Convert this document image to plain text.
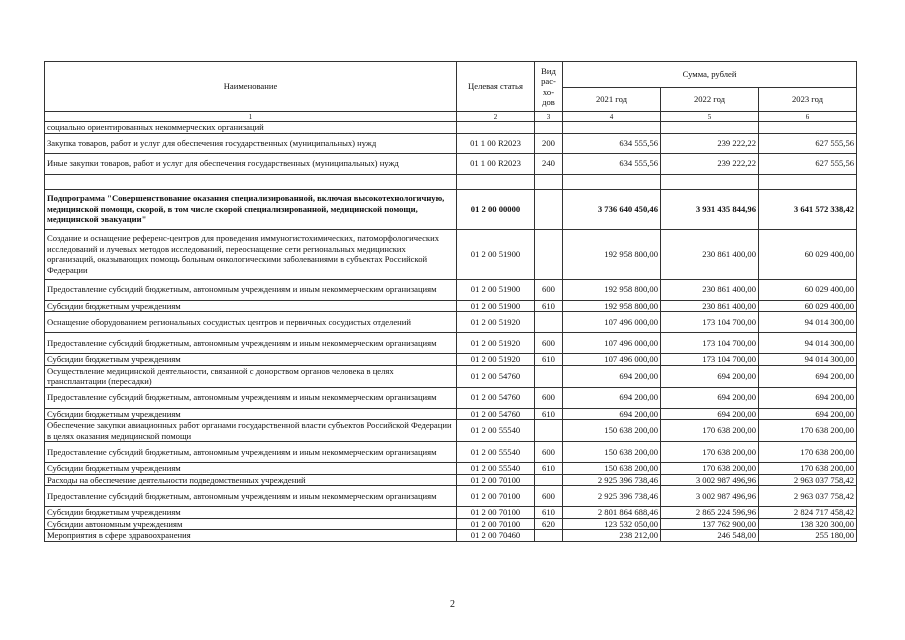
Наименование	Целевая статья	Вид рас-хо-дов	Сумма, рублей		
			2021 год	2022 год	2023 год
1	2	3	4	5	6
социально ориентированных некоммерческих организаций					
Закупка товаров, работ и услуг для обеспечения государственных (муниципальных) нужд	01 1 00 R2023	200	634 555,56	239 222,22	627 555,56
Иные закупки товаров, работ и услуг для обеспечения государственных (муниципальных) нужд	01 1 00 R2023	240	634 555,56	239 222,22	627 555,56

Подпрограмма "Совершенствование оказания специализированной, включая высокотехнологичную, медицинской помощи, скорой, в том числе скорой специализированной, медицинской помощи, медицинской эвакуации"	01 2 00 00000		3 736 640 450,46	3 931 435 844,96	3 641 572 338,42
Создание и оснащение референс-центров для проведения иммуногистохимических, патоморфологических исследований и лучевых методов исследований, переоснащение сети региональных медицинских организаций, оказывающих помощь больным онкологическими заболеваниями в субъектах Российской Федерации	01 2 00 51900		192 958 800,00	230 861 400,00	60 029 400,00
Предоставление субсидий бюджетным, автономным учреждениям и иным некоммерческим организациям	01 2 00 51900	600	192 958 800,00	230 861 400,00	60 029 400,00
Субсидии бюджетным учреждениям	01 2 00 51900	610	192 958 800,00	230 861 400,00	60 029 400,00
Оснащение оборудованием региональных сосудистых центров и первичных сосудистых отделений	01 2 00 51920		107 496 000,00	173 104 700,00	94 014 300,00
Предоставление субсидий бюджетным, автономным учреждениям и иным некоммерческим организациям	01 2 00 51920	600	107 496 000,00	173 104 700,00	94 014 300,00
Субсидии бюджетным учреждениям	01 2 00 51920	610	107 496 000,00	173 104 700,00	94 014 300,00
Осуществление медицинской деятельности, связанной с донорством органов человека в целях трансплантации (пересадки)	01 2 00 54760		694 200,00	694 200,00	694 200,00
Предоставление субсидий бюджетным, автономным учреждениям и иным некоммерческим организациям	01 2 00 54760	600	694 200,00	694 200,00	694 200,00
Субсидии бюджетным учреждениям	01 2 00 54760	610	694 200,00	694 200,00	694 200,00
Обеспечение закупки авиационных работ органами государственной власти субъектов Российской Федерации в целях оказания медицинской помощи	01 2 00 55540		150 638 200,00	170 638 200,00	170 638 200,00
Предоставление субсидий бюджетным, автономным учреждениям и иным некоммерческим организациям	01 2 00 55540	600	150 638 200,00	170 638 200,00	170 638 200,00
Субсидии бюджетным учреждениям	01 2 00 55540	610	150 638 200,00	170 638 200,00	170 638 200,00
Расходы на обеспечение деятельности подведомственных учреждений	01 2 00 70100		2 925 396 738,46	3 002 987 496,96	2 963 037 758,42
Предоставление субсидий бюджетным, автономным учреждениям и иным некоммерческим организациям	01 2 00 70100	600	2 925 396 738,46	3 002 987 496,96	2 963 037 758,42
Субсидии бюджетным учреждениям	01 2 00 70100	610	2 801 864 688,46	2 865 224 596,96	2 824 717 458,42
Субсидии автономным учреждениям	01 2 00 70100	620	123 532 050,00	137 762 900,00	138 320 300,00
Мероприятия в сфере здравоохранения	01 2 00 70460		238 212,00	246 548,00	255 180,00
2
